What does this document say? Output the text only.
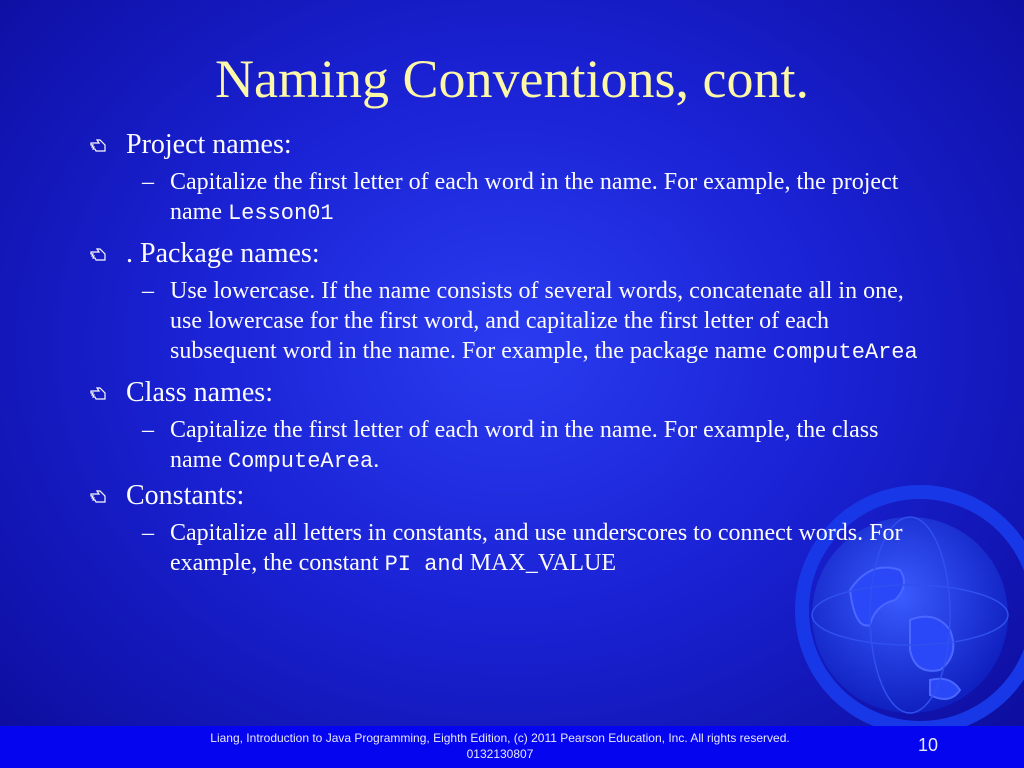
Naming Conventions, cont.
Project names:
– Capitalize the first letter of each word in the name. For example, the project name Lesson01
. Package names:
– Use lowercase. If the name consists of several words, concatenate all in one, use lowercase for the first word, and capitalize the first letter of each subsequent word in the name. For example, the package name computeArea
Class names:
– Capitalize the first letter of each word in the name. For example, the class name ComputeArea.
Constants:
– Capitalize all letters in constants, and use underscores to connect words. For example, the constant PI and MAX_VALUE
Liang, Introduction to Java Programming, Eighth Edition, (c) 2011 Pearson Education, Inc. All rights reserved. 0132130807	10
